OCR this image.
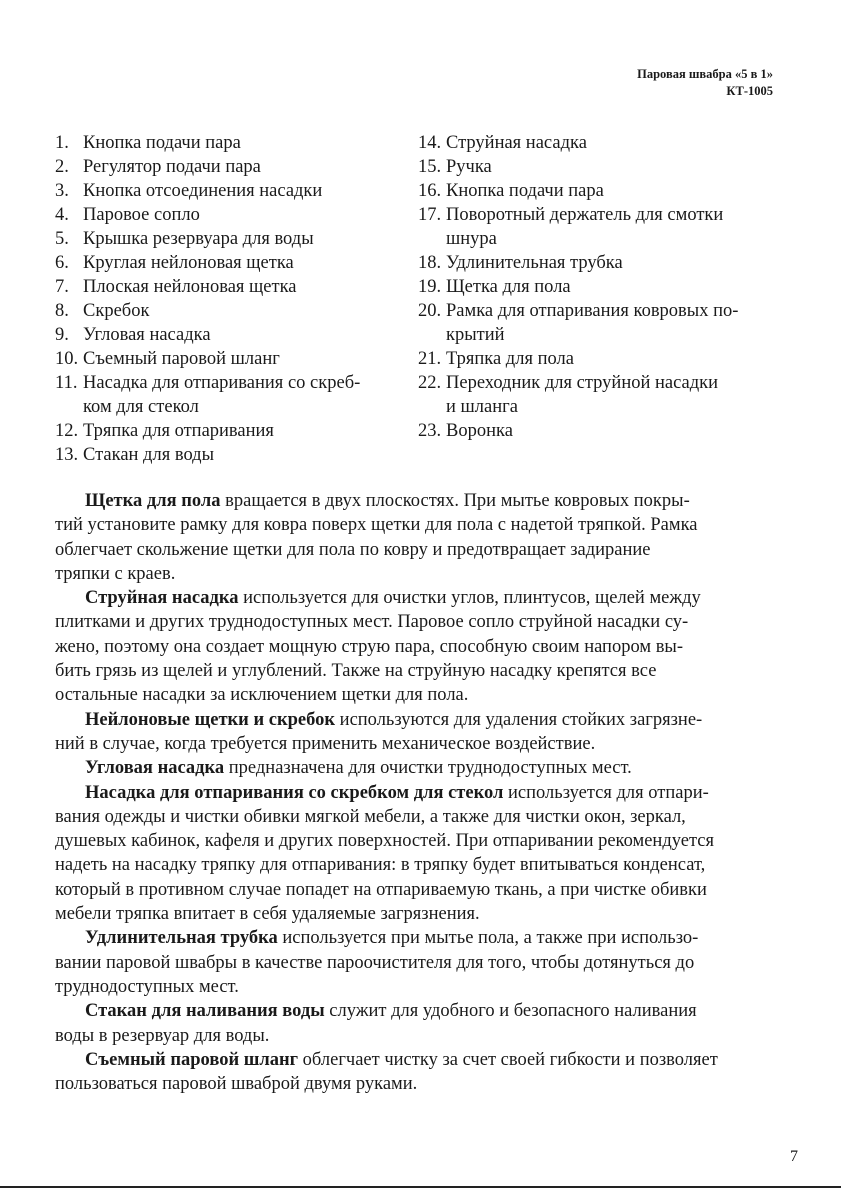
Паровая швабра «5 в 1»
КТ-1005
1. Кнопка подачи пара
2. Регулятор подачи пара
3. Кнопка отсоединения насадки
4. Паровое сопло
5. Крышка резервуара для воды
6. Круглая нейлоновая щетка
7. Плоская нейлоновая щетка
8. Скребок
9. Угловая насадка
10. Съемный паровой шланг
11. Насадка для отпаривания со скреб-
ком для стекол
12. Тряпка для отпаривания
13. Стакан для воды
14. Струйная насадка
15. Ручка
16. Кнопка подачи пара
17. Поворотный держатель для смотки
шнура
18. Удлинительная трубка
19. Щетка для пола
20. Рамка для отпаривания ковровых по-
крытий
21. Тряпка для пола
22. Переходник для струйной насадки
и шланга
23. Воронка
Щетка для пола вращается в двух плоскостях. При мытье ковровых покры-
тий установите рамку для ковра поверх щетки для пола с надетой тряпкой. Рамка
облегчает скольжение щетки для пола по ковру и предотвращает задирание
тряпки с краев.
Струйная насадка используется для очистки углов, плинтусов, щелей между
плитками и других труднодоступных мест. Паровое сопло струйной насадки су-
жено, поэтому она создает мощную струю пара, способную своим напором вы-
бить грязь из щелей и углублений. Также на струйную насадку крепятся все
остальные насадки за исключением щетки для пола.
Нейлоновые щетки и скребок используются для удаления стойких загрязне-
ний в случае, когда требуется применить механическое воздействие.
Угловая насадка предназначена для очистки труднодоступных мест.
Насадка для отпаривания со скребком для стекол используется для отпари-
вания одежды и чистки обивки мягкой мебели, а также для чистки окон, зеркал,
душевых кабинок, кафеля и других поверхностей. При отпаривании рекомендуется
надеть на насадку тряпку для отпаривания: в тряпку будет впитываться конденсат,
который в противном случае попадет на отпариваемую ткань, а при чистке обивки
мебели тряпка впитает в себя удаляемые загрязнения.
Удлинительная трубка используется при мытье пола, а также при использо-
вании паровой швабры в качестве пароочистителя для того, чтобы дотянуться до
труднодоступных мест.
Стакан для наливания воды служит для удобного и безопасного наливания
воды в резервуар для воды.
Съемный паровой шланг облегчает чистку за счет своей гибкости и позволяет
пользоваться паровой шваброй двумя руками.
7
